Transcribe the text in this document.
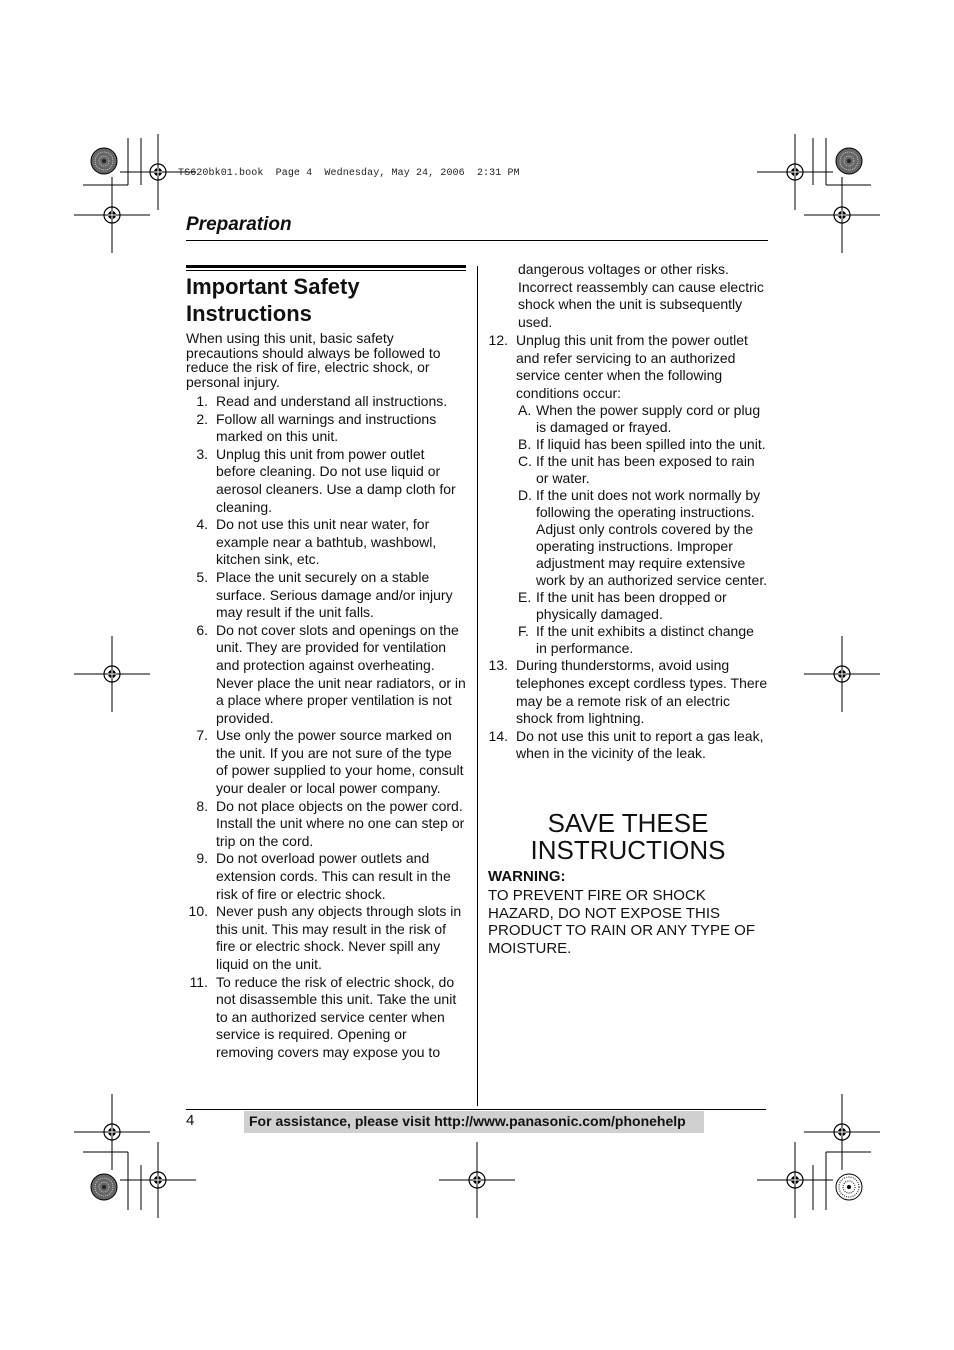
TS620bk01.book  Page 4  Wednesday, May 24, 2006  2:31 PM
Preparation
Important Safety Instructions
When using this unit, basic safety precautions should always be followed to reduce the risk of fire, electric shock, or personal injury.
1. Read and understand all instructions.
2. Follow all warnings and instructions marked on this unit.
3. Unplug this unit from power outlet before cleaning. Do not use liquid or aerosol cleaners. Use a damp cloth for cleaning.
4. Do not use this unit near water, for example near a bathtub, washbowl, kitchen sink, etc.
5. Place the unit securely on a stable surface. Serious damage and/or injury may result if the unit falls.
6. Do not cover slots and openings on the unit. They are provided for ventilation and protection against overheating. Never place the unit near radiators, or in a place where proper ventilation is not provided.
7. Use only the power source marked on the unit. If you are not sure of the type of power supplied to your home, consult your dealer or local power company.
8. Do not place objects on the power cord. Install the unit where no one can step or trip on the cord.
9. Do not overload power outlets and extension cords. This can result in the risk of fire or electric shock.
10. Never push any objects through slots in this unit. This may result in the risk of fire or electric shock. Never spill any liquid on the unit.
11. To reduce the risk of electric shock, do not disassemble this unit. Take the unit to an authorized service center when service is required. Opening or removing covers may expose you to
dangerous voltages or other risks. Incorrect reassembly can cause electric shock when the unit is subsequently used.
12. Unplug this unit from the power outlet and refer servicing to an authorized service center when the following conditions occur:
A. When the power supply cord or plug is damaged or frayed.
B. If liquid has been spilled into the unit.
C. If the unit has been exposed to rain or water.
D. If the unit does not work normally by following the operating instructions. Adjust only controls covered by the operating instructions. Improper adjustment may require extensive work by an authorized service center.
E. If the unit has been dropped or physically damaged.
F. If the unit exhibits a distinct change in performance.
13. During thunderstorms, avoid using telephones except cordless types. There may be a remote risk of an electric shock from lightning.
14. Do not use this unit to report a gas leak, when in the vicinity of the leak.
SAVE THESE INSTRUCTIONS
WARNING:
TO PREVENT FIRE OR SHOCK HAZARD, DO NOT EXPOSE THIS PRODUCT TO RAIN OR ANY TYPE OF MOISTURE.
4	For assistance, please visit http://www.panasonic.com/phonehelp
